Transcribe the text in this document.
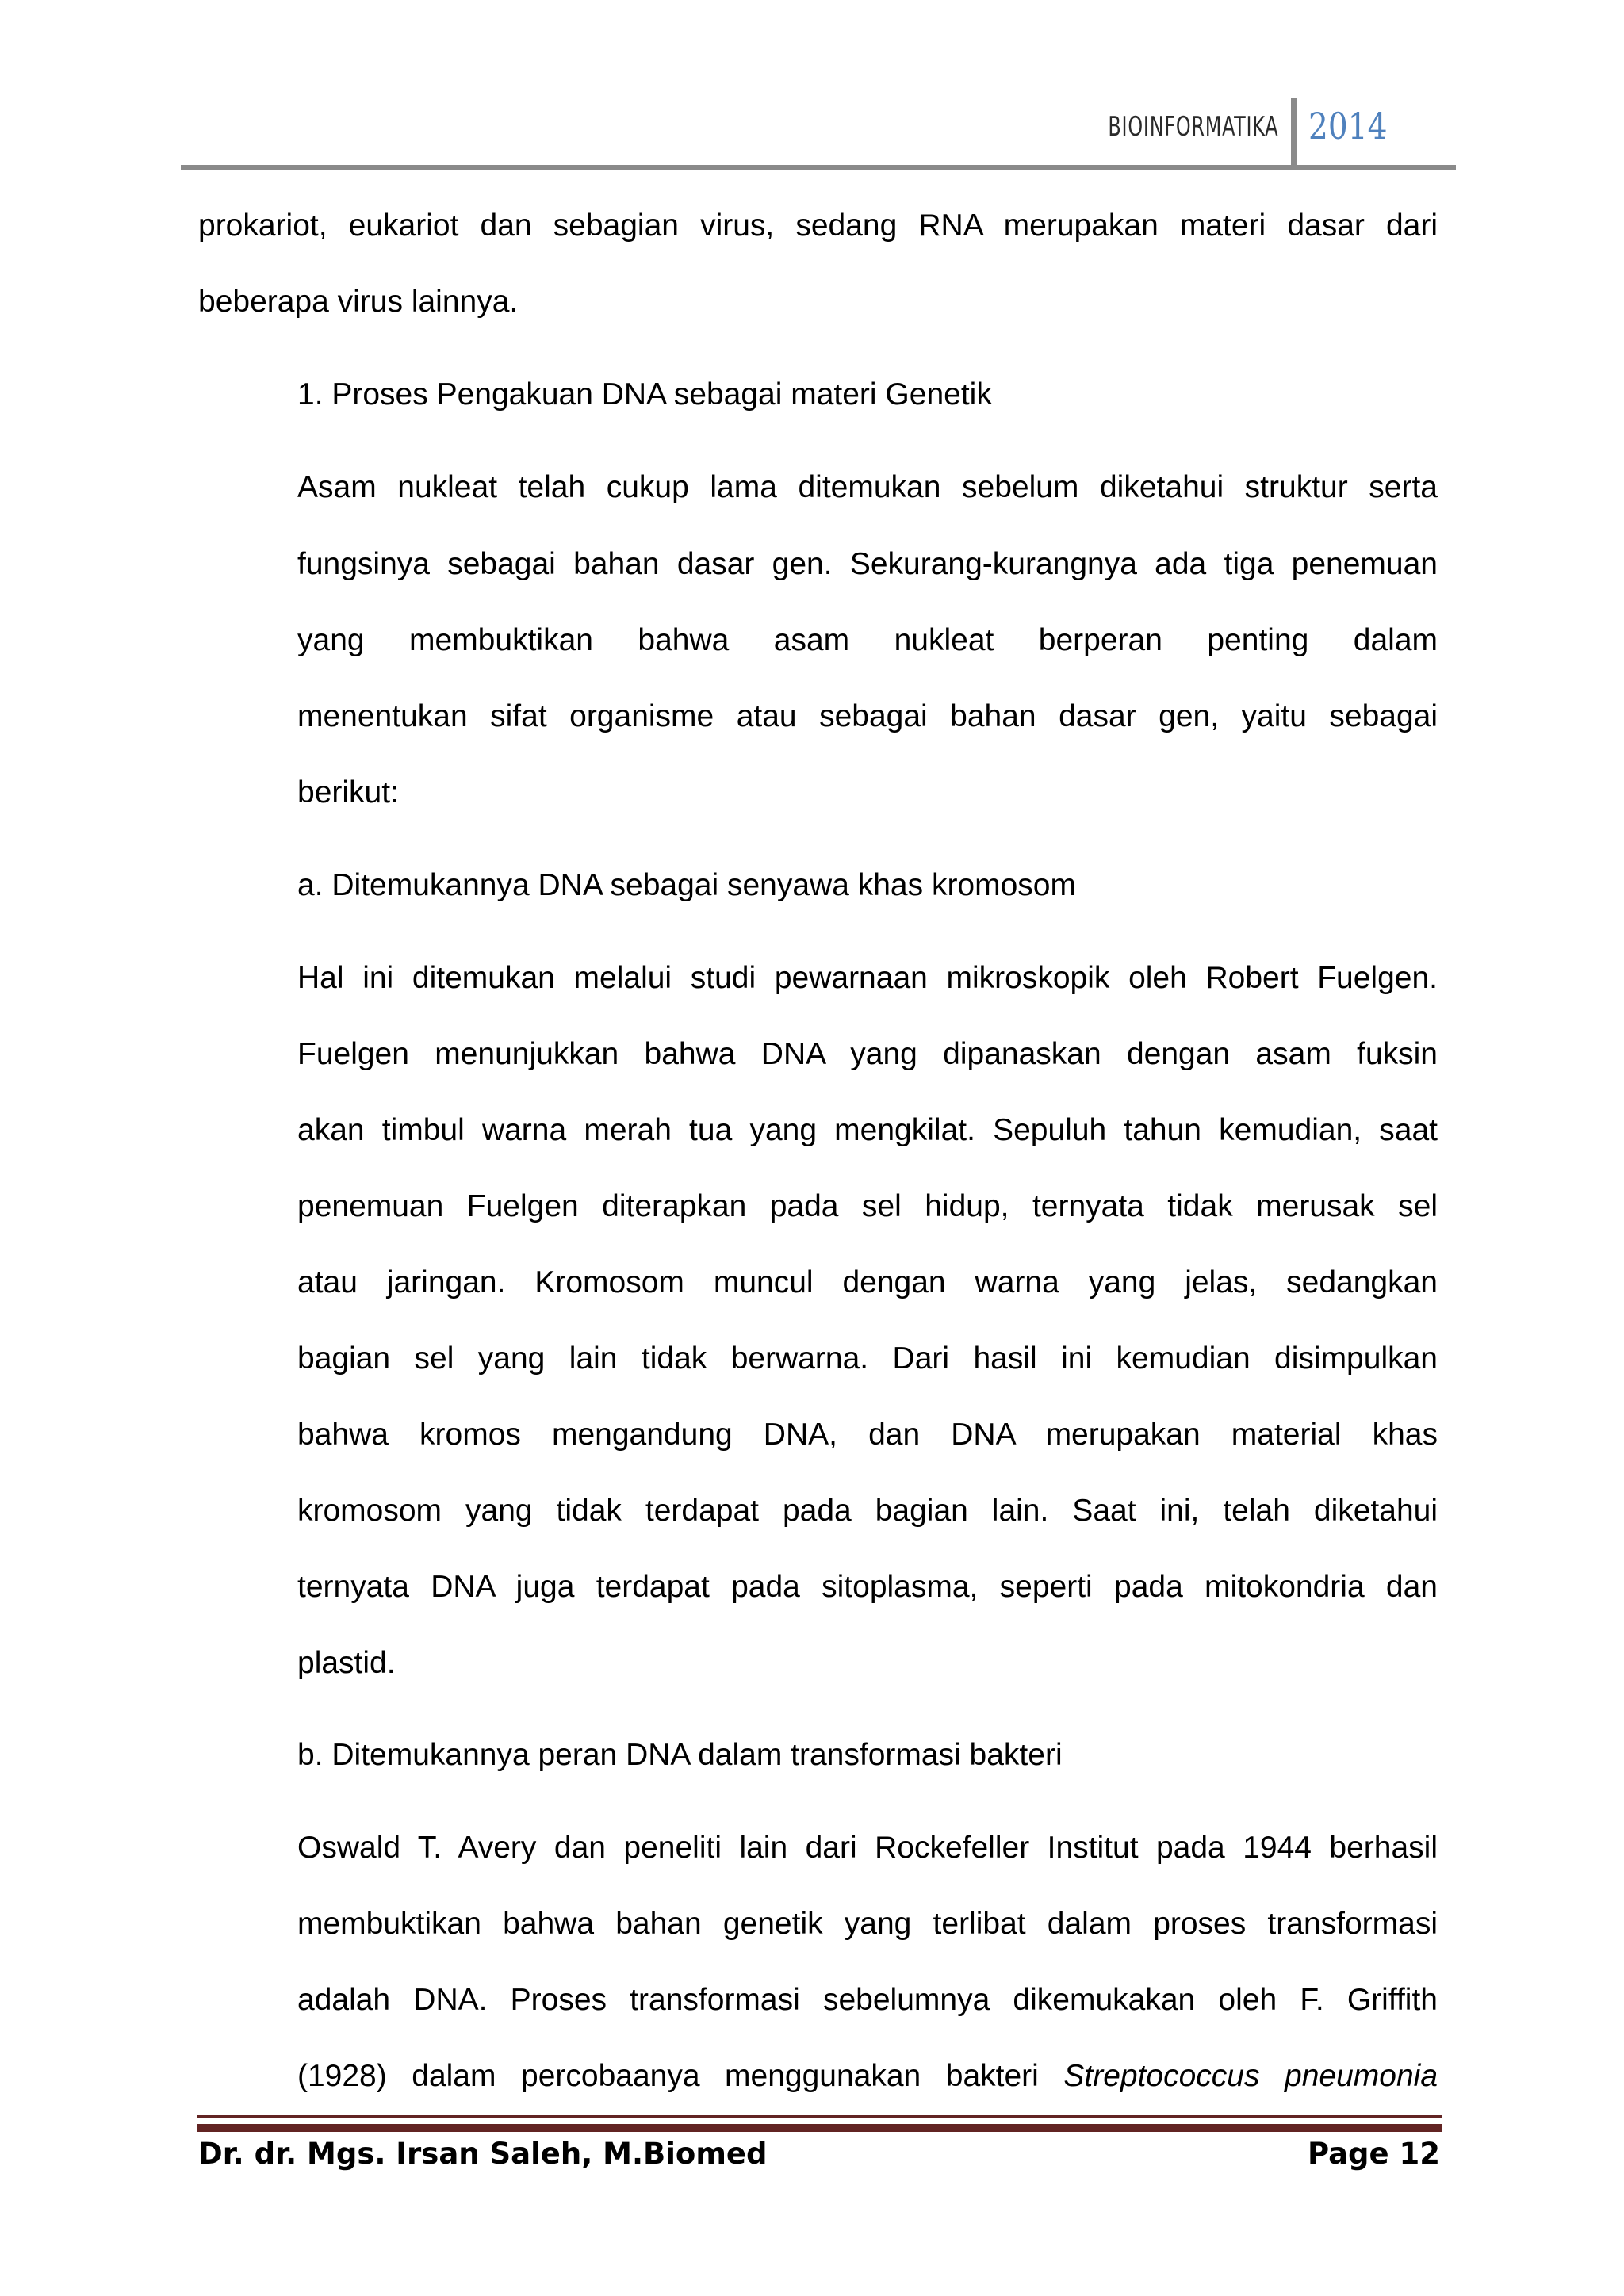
BIOINFORMATIKA 2014
prokariot, eukariot dan sebagian virus, sedang RNA merupakan materi dasar dari
beberapa virus lainnya.
1. Proses Pengakuan DNA sebagai materi Genetik
Asam nukleat telah cukup lama ditemukan sebelum diketahui struktur serta
fungsinya sebagai bahan dasar gen. Sekurang-kurangnya ada tiga penemuan
yang membuktikan bahwa asam nukleat berperan penting dalam
menentukan sifat organisme atau sebagai bahan dasar gen, yaitu sebagai
berikut:
a. Ditemukannya DNA sebagai senyawa khas kromosom
Hal ini ditemukan melalui studi pewarnaan mikroskopik oleh Robert Fuelgen.
Fuelgen menunjukkan bahwa DNA yang dipanaskan dengan asam fuksin
akan timbul warna merah tua yang mengkilat. Sepuluh tahun kemudian, saat
penemuan Fuelgen diterapkan pada sel hidup, ternyata tidak merusak sel
atau jaringan. Kromosom muncul dengan warna yang jelas, sedangkan
bagian sel yang lain tidak berwarna. Dari hasil ini kemudian disimpulkan
bahwa kromos mengandung DNA, dan DNA merupakan material khas
kromosom yang tidak terdapat pada bagian lain. Saat ini, telah diketahui
ternyata DNA juga terdapat pada sitoplasma, seperti pada mitokondria dan
plastid.
b. Ditemukannya peran DNA dalam transformasi bakteri
Oswald T. Avery dan peneliti lain dari Rockefeller Institut pada 1944 berhasil
membuktikan bahwa bahan genetik yang terlibat dalam proses transformasi
adalah DNA. Proses transformasi sebelumnya dikemukakan oleh F. Griffith
(1928) dalam percobaanya menggunakan bakteri Streptococcus pneumonia
Dr. dr. Mgs. Irsan Saleh, M.Biomed	Page 12
